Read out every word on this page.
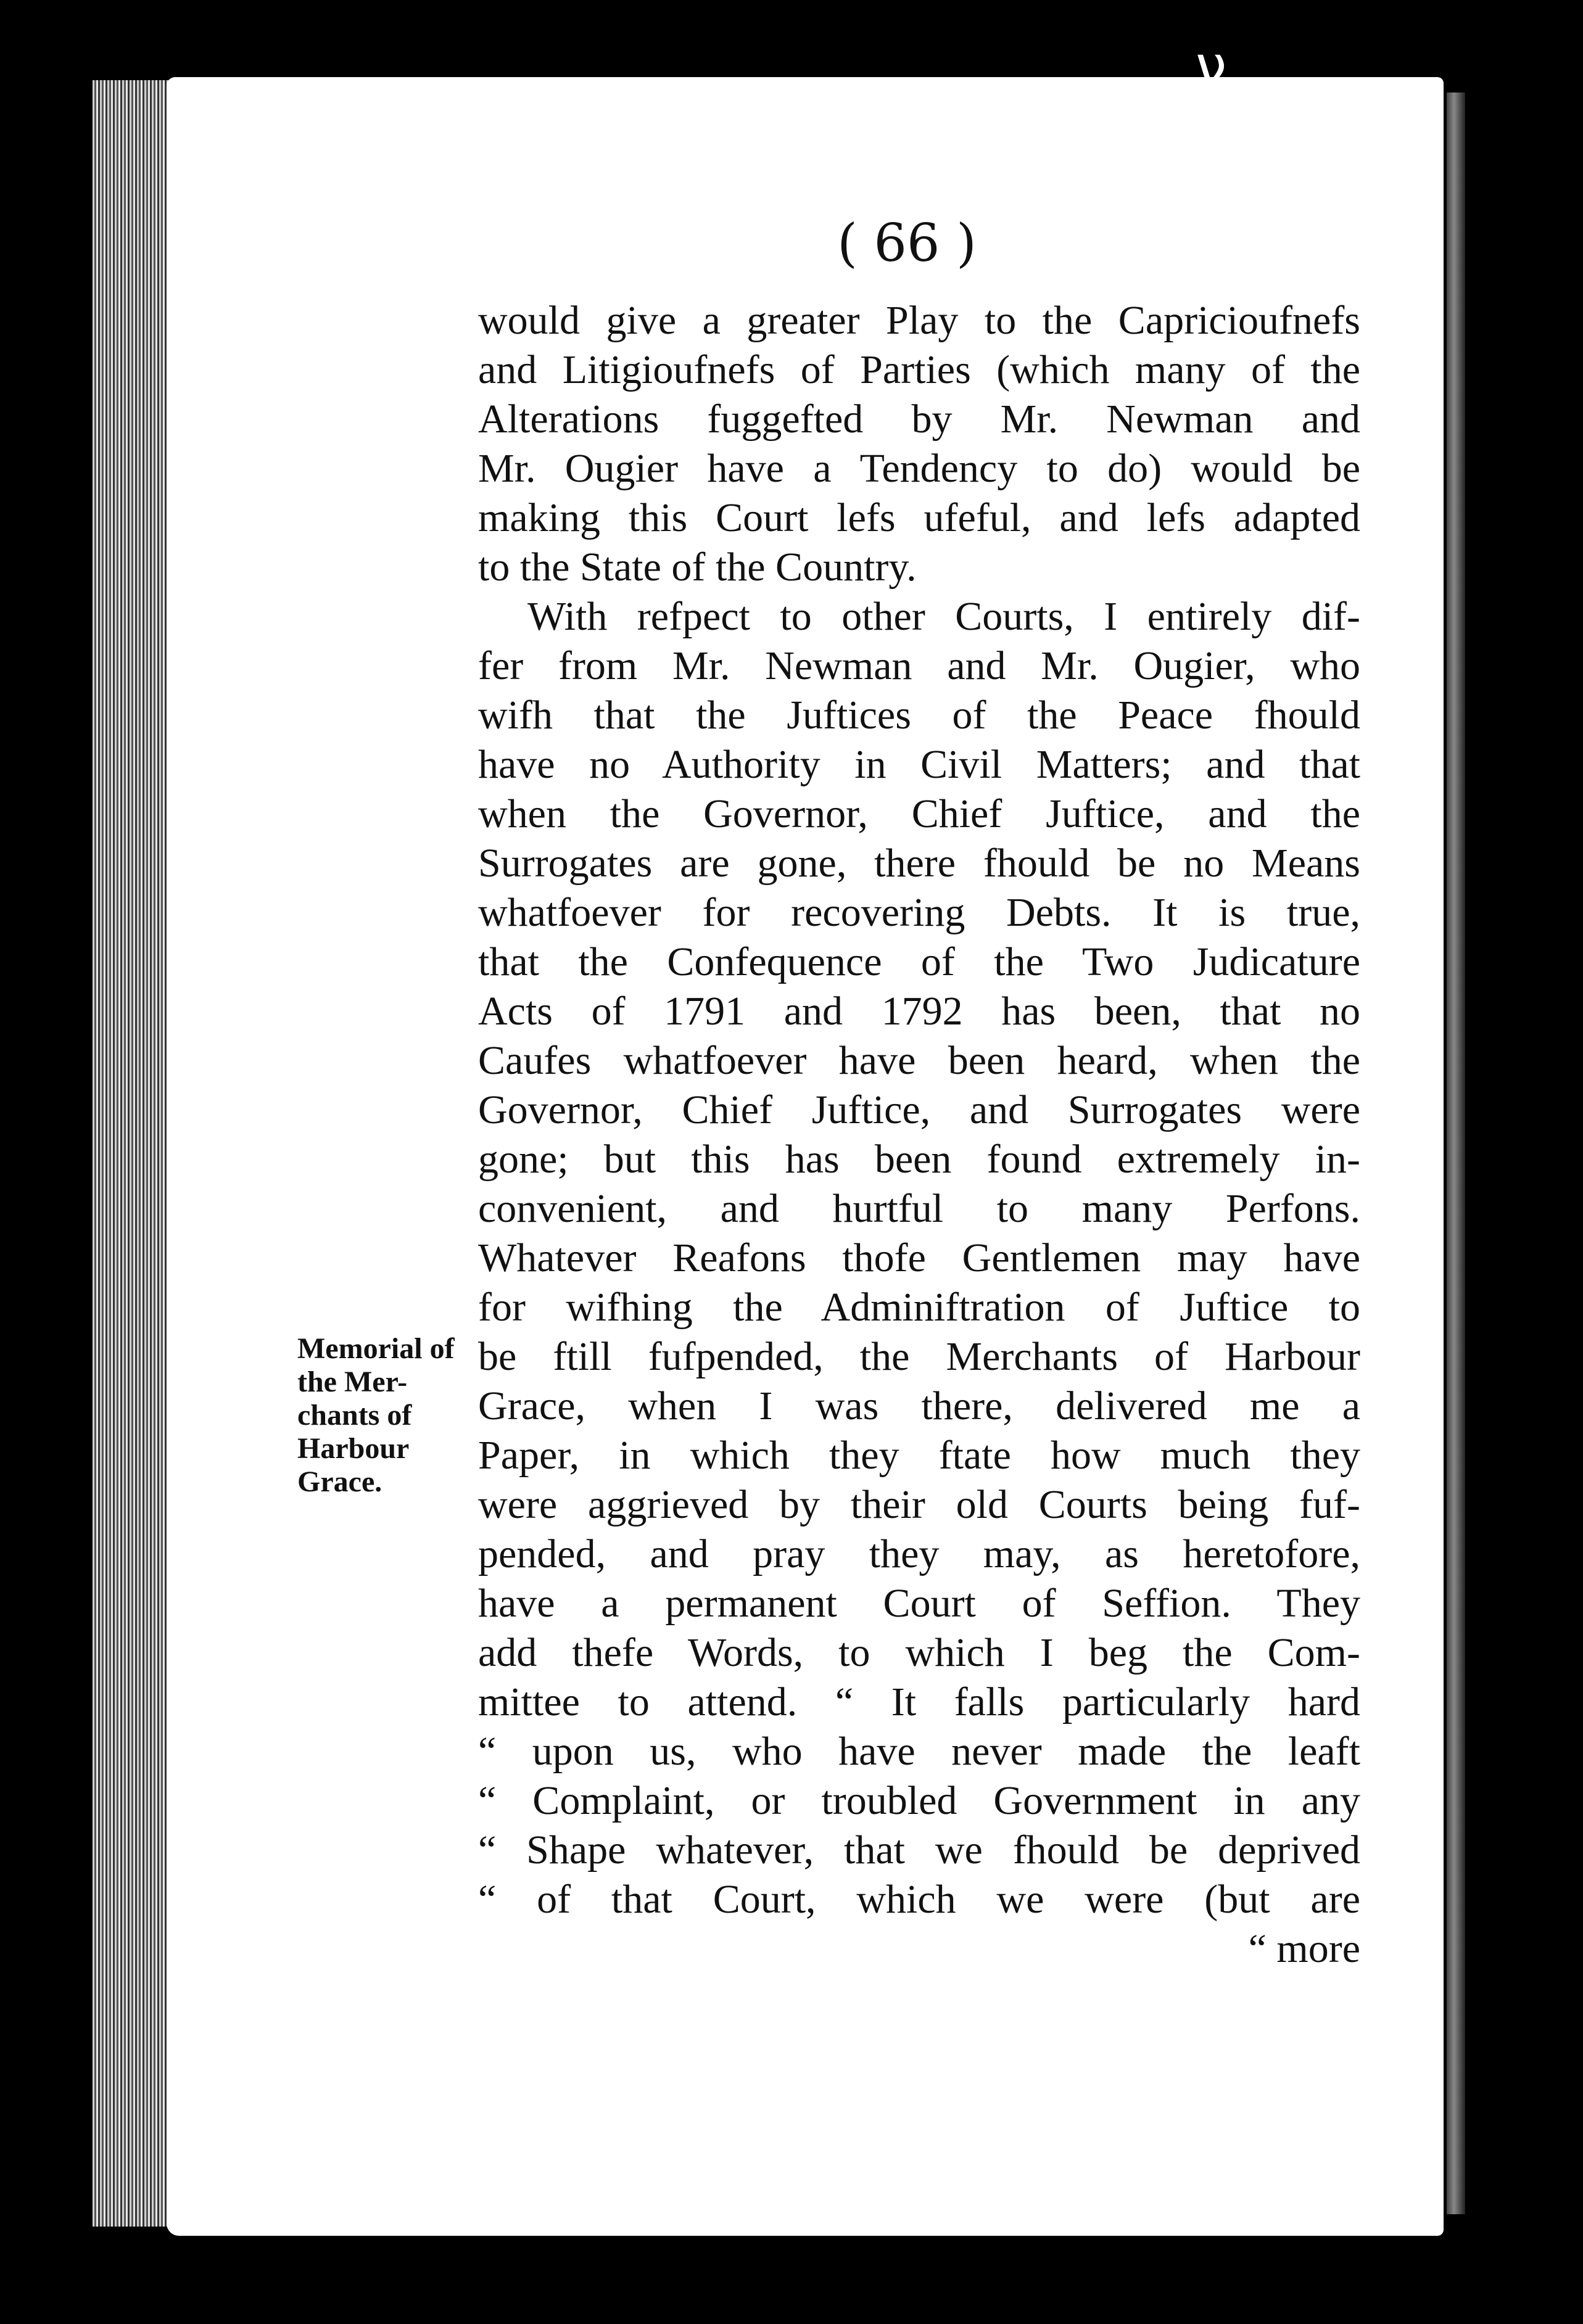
ν
( 66 )
Memorial of
the Mer-
chants of
Harbour
Grace.
would give a greater Play to the Capricioufnefs
and Litigioufnefs of Parties (which many of the
Alterations fuggefted by Mr. Newman and
Mr. Ougier have a Tendency to do) would be
making this Court lefs ufeful, and lefs adapted
to the State of the Country.
With refpect to other Courts, I entirely dif-
fer from Mr. Newman and Mr. Ougier, who
wifh that the Juftices of the Peace fhould
have no Authority in Civil Matters; and that
when the Governor, Chief Juftice, and the
Surrogates are gone, there fhould be no Means
whatfoever for recovering Debts. It is true,
that the Confequence of the Two Judicature
Acts of 1791 and 1792 has been, that no
Caufes whatfoever have been heard, when the
Governor, Chief Juftice, and Surrogates were
gone; but this has been found extremely in-
convenient, and hurtful to many Perfons.
Whatever Reafons thofe Gentlemen may have
for wifhing the Adminiftration of Juftice to
be ftill fufpended, the Merchants of Harbour
Grace, when I was there, delivered me a
Paper, in which they ftate how much they
were aggrieved by their old Courts being fuf-
pended, and pray they may, as heretofore,
have a permanent Court of Seffion. They
add thefe Words, to which I beg the Com-
mittee to attend. “ It falls particularly hard
“ upon us, who have never made the leaft
“ Complaint, or troubled Government in any
“ Shape whatever, that we fhould be deprived
“ of that Court, which we were (but are
“ more
